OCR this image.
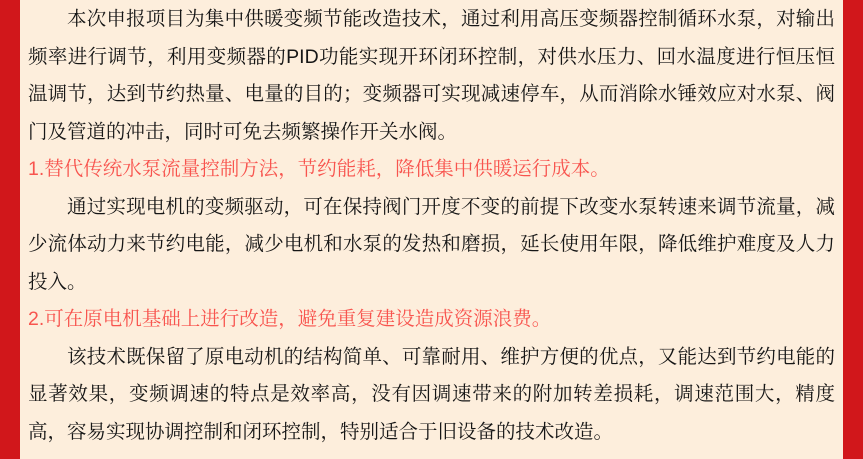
本次申报项目为集中供暖变频节能改造技术，通过利用高压变频器控制循环水泵，对输出频率进行调节，利用变频器的PID功能实现开环闭环控制，对供水压力、回水温度进行恒压恒温调节，达到节约热量、电量的目的；变频器可实现减速停车，从而消除水锤效应对水泵、阀门及管道的冲击，同时可免去频繁操作开关水阀。

1.替代传统水泵流量控制方法，节约能耗，降低集中供暖运行成本。

通过实现电机的变频驱动，可在保持阀门开度不变的前提下改变水泵转速来调节流量，减少流体动力来节约电能，减少电机和水泵的发热和磨损，延长使用年限，降低维护难度及人力投入。

2.可在原电机基础上进行改造，避免重复建设造成资源浪费。

该技术既保留了原电动机的结构简单、可靠耐用、维护方便的优点，又能达到节约电能的显著效果，变频调速的特点是效率高，没有因调速带来的附加转差损耗，调速范围大，精度高，容易实现协调控制和闭环控制，特别适合于旧设备的技术改造。
